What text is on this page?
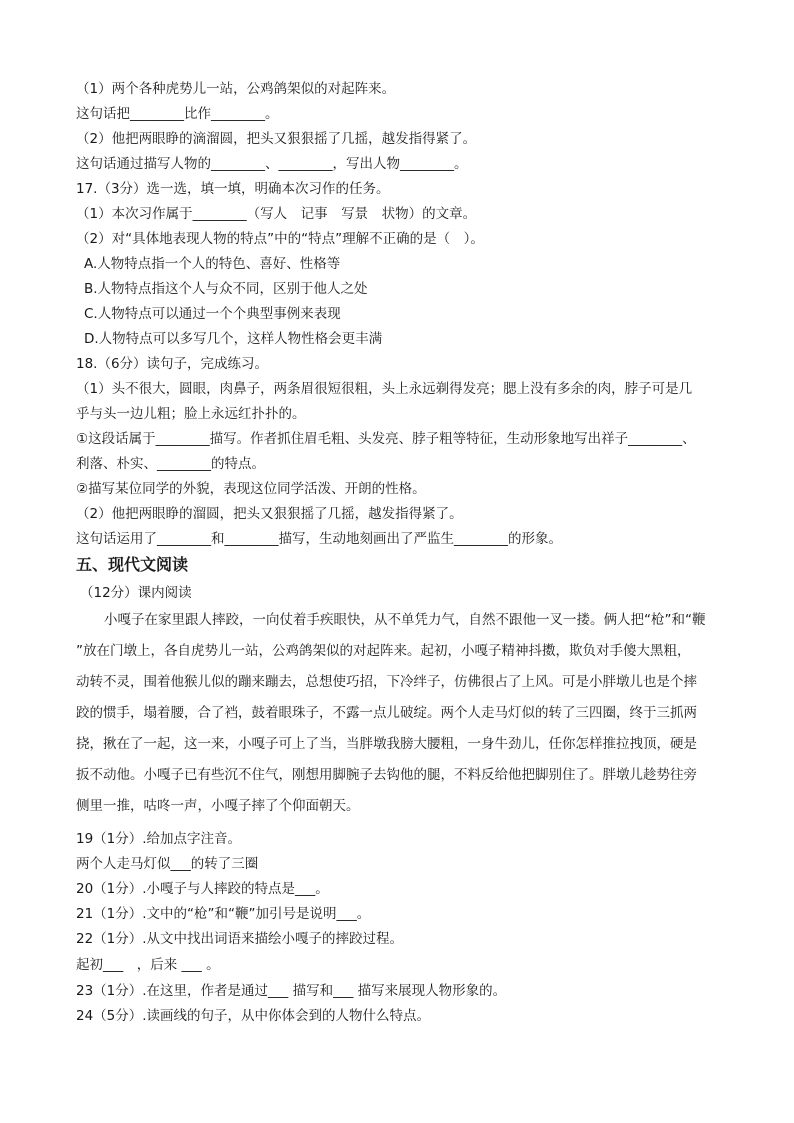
（1）两个各种虎势儿一站，公鸡鸽架似的对起阵来。
这句话把________比作________。
（2）他把两眼睁的滴溜圆，把头又狠狠摇了几摇，越发指得紧了。
这句话通过描写人物的________、________，写出人物________。
17.（3分）选一选，填一填，明确本次习作的任务。
（1）本次习作属于________（写人　记事　写景　状物）的文章。
（2）对“具体地表现人物的特点”中的“特点”理解不正确的是（　）。
A.人物特点指一个人的特色、喜好、性格等
B.人物特点指这个人与众不同，区别于他人之处
C.人物特点可以通过一个个典型事例来表现
D.人物特点可以多写几个，这样人物性格会更丰满
18.（6分）读句子，完成练习。
（1）头不很大，圆眼，肉鼻子，两条眉很短很粗，头上永远剃得发亮；腮上没有多余的肉，脖子可是几
乎与头一边儿粗；脸上永远红扑扑的。
①这段话属于________描写。作者抓住眉毛粗、头发亮、脖子粗等特征，生动形象地写出祥子________、
利落、朴实、________的特点。
②描写某位同学的外貌，表现这位同学活泼、开朗的性格。
（2）他把两眼睁的溜圆，把头又狠狠摇了几摇，越发指得紧了。
这句话运用了________和________描写，生动地刻画出了严监生________的形象。
五、现代文阅读
（12分）课内阅读
小嘎子在家里跟人摔跤，一向仗着手疾眼快，从不单凭力气，自然不跟他一叉一搂。俩人把“枪”和“鞭
”放在门墩上，各自虎势儿一站，公鸡鸽架似的对起阵来。起初，小嘎子精神抖擞，欺负对手傻大黑粗，
动转不灵，围着他猴儿似的蹦来蹦去，总想使巧招，下冷绊子，仿佛很占了上风。可是小胖墩儿也是个摔
跤的惯手，塌着腰，合了裆，鼓着眼珠子，不露一点儿破绽。两个人走马灯似的转了三四圈，终于三抓两
挠，揪在了一起，这一来，小嘎子可上了当，当胖墩我膀大腰粗，一身牛劲儿，任你怎样推拉拽顶，硬是
扳不动他。小嘎子已有些沉不住气，刚想用脚腕子去钩他的腿，不料反给他把脚别住了。胖墩儿趁势往旁
侧里一推，咕咚一声，小嘎子摔了个仰面朝天。
19（1分）.给加点字注音。
两个人走马灯似___的转了三圈
20（1分）.小嘎子与人摔跤的特点是___。
21（1分）.文中的“枪”和“鞭”加引号是说明___。
22（1分）.从文中找出词语来描绘小嘎子的摔跤过程。
起初___　，后来 ___ 。
23（1分）.在这里，作者是通过___ 描写和___ 描写来展现人物形象的。
24（5分）.读画线的句子，从中你体会到的人物什么特点。
